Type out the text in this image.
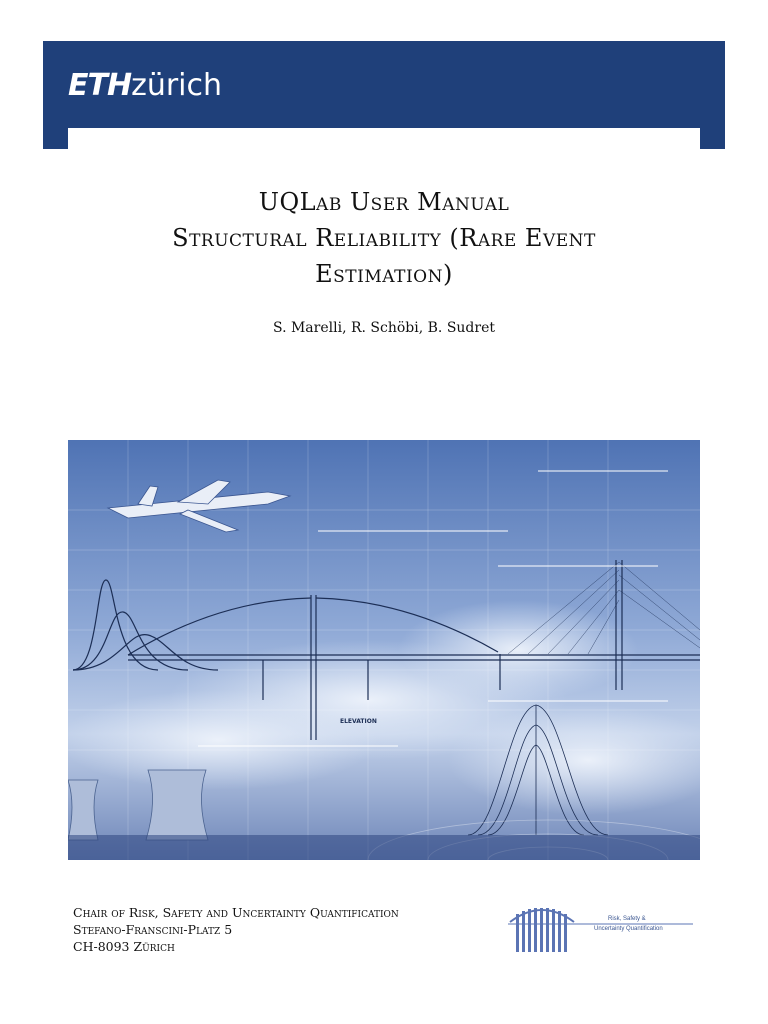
ETHzürich
UQLab User Manual
Structural Reliability (Rare Event
Estimation)
S. Marelli, R. Schöbi, B. Sudret
ELEVATION
Chair of Risk, Safety and Uncertainty Quantification
Stefano-Franscini-Platz 5
CH-8093 Zürich
Risk, Safety &
Uncertainty Quantification
